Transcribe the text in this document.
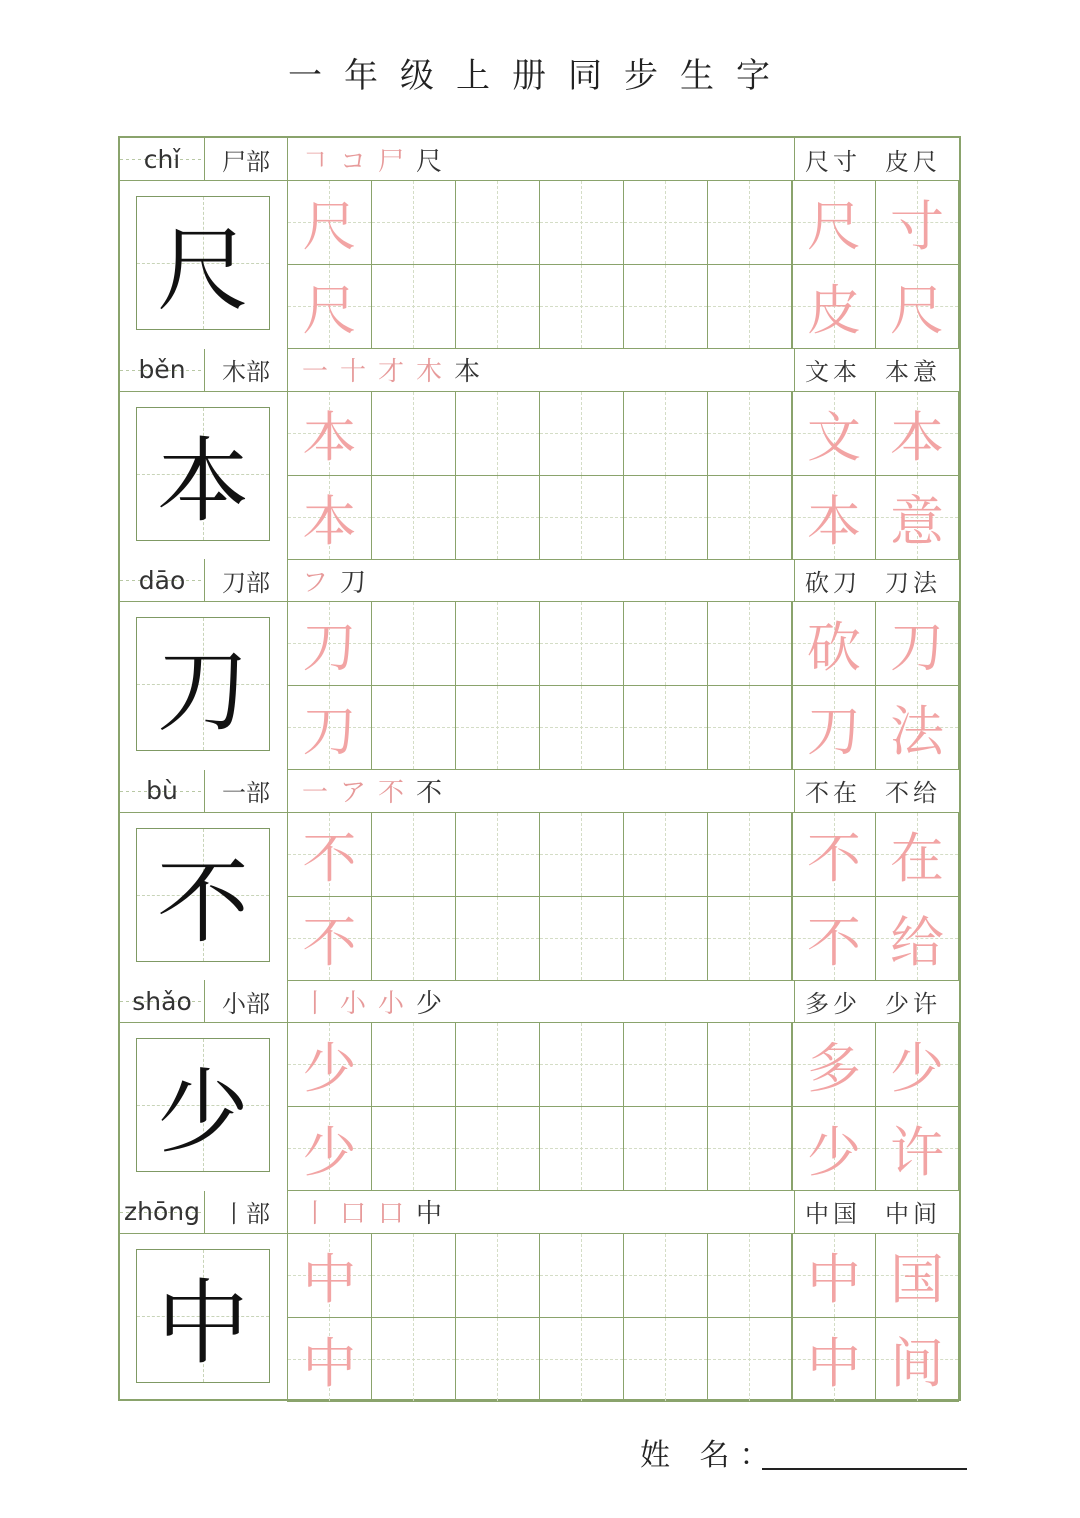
一年级上册同步生字
chǐ	尸部	𠃍 コ 尸 尺	尺寸 皮尺
尺 尺	尺 寸
尺	皮 尺
běn	木部	一 十 才 木 本	文本 本意
本 本	文 本
本	本 意
dāo	刀部	フ 刀	砍刀 刀法
刀 刀	砍 刀
刀	刀 法
bù	一部	一 ア 不 不	不在 不给
不 不	不 在
不	不 给
shǎo	小部	丨 小 小 少	多少 少许
少 少	多 少
少	少 许
zhōng 丨部	丨 口 口 中	中国 中间
中 中	中 国
中	中 间
姓 名：
